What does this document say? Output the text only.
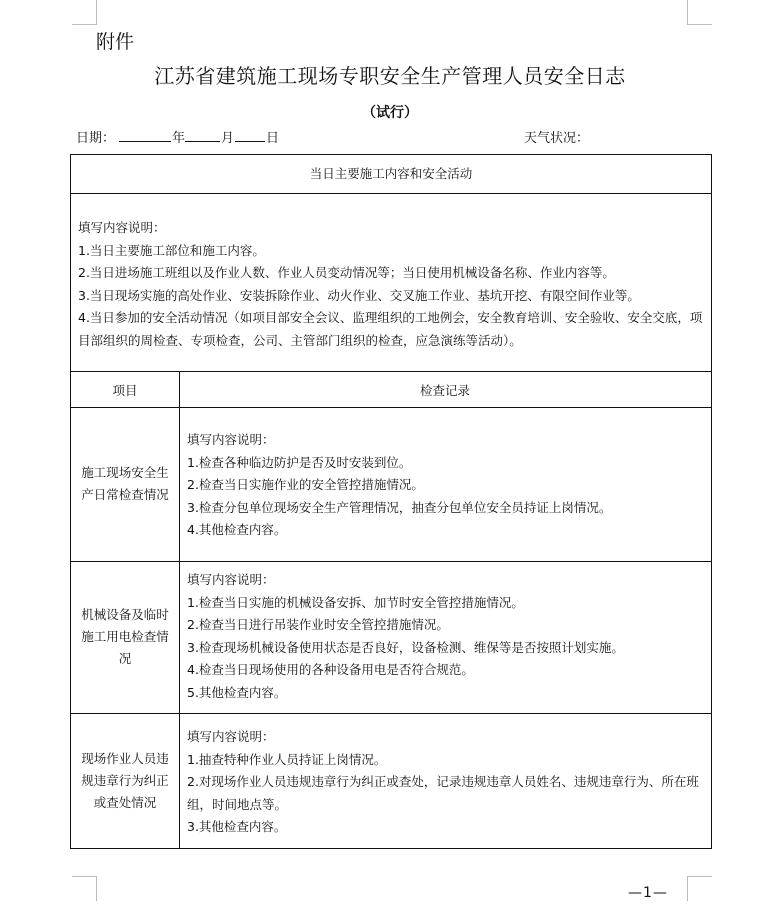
附件
江苏省建筑施工现场专职安全生产管理人员安全日志
（试行）
日期：	年	月 日	天气状况：
当日主要施工内容和安全活动
填写内容说明：
1.当日主要施工部位和施工内容。
2.当日进场施工班组以及作业人数、作业人员变动情况等；当日使用机械设备名称、作业内容等。
3.当日现场实施的高处作业、安装拆除作业、动火作业、交叉施工作业、基坑开挖、有限空间作业等。
4.当日参加的安全活动情况（如项目部安全会议、监理组织的工地例会，安全教育培训、安全验收、安全交底，项目部组织的周检查、专项检查，公司、主管部门组织的检查，应急演练等活动）。
项目	检查记录
施工现场安全生产日常检查情况
填写内容说明：
1.检查各种临边防护是否及时安装到位。
2.检查当日实施作业的安全管控措施情况。
3.检查分包单位现场安全生产管理情况，抽查分包单位安全员持证上岗情况。
4.其他检查内容。
机械设备及临时施工用电检查情况
填写内容说明：
1.检查当日实施的机械设备安拆、加节时安全管控措施情况。
2.检查当日进行吊装作业时安全管控措施情况。
3.检查现场机械设备使用状态是否良好，设备检测、维保等是否按照计划实施。
4.检查当日现场使用的各种设备用电是否符合规范。
5.其他检查内容。
现场作业人员违规违章行为纠正或查处情况
填写内容说明：
1.抽查特种作业人员持证上岗情况。
2.对现场作业人员违规违章行为纠正或查处，记录违规违章人员姓名、违规违章行为、所在班组，时间地点等。
3.其他检查内容。
—1—
